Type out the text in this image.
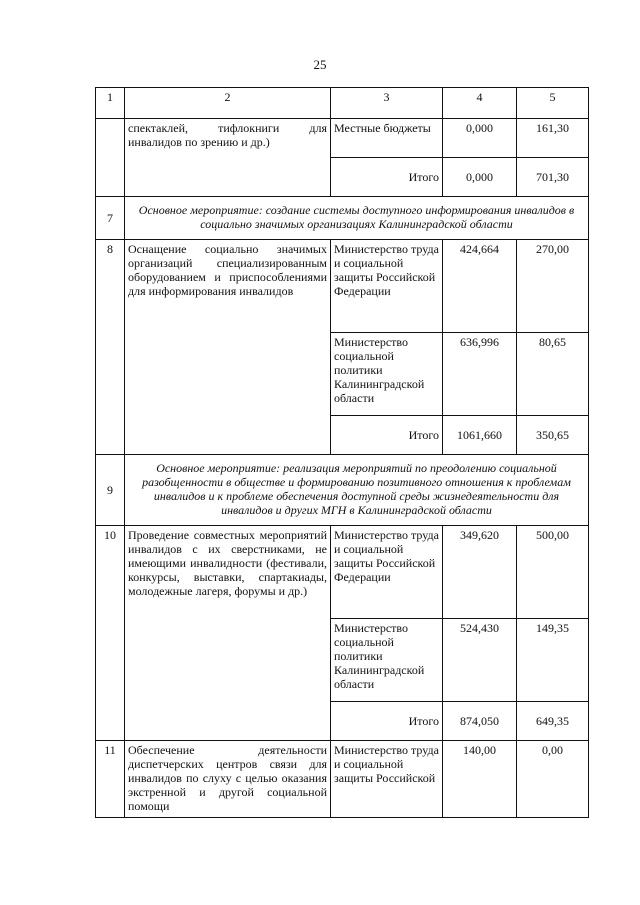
25
1	2	3	4	5
	спектаклей, тифлокниги для инвалидов по зрению и др.)	Местные бюджеты	0,000	161,30
		Итого	0,000	701,30
7	Основное мероприятие: создание системы доступного информирования инвалидов в социально значимых организациях Калининградской области			
8	Оснащение социально значимых организаций специализированным оборудованием и приспособлениями для информирования инвалидов	Министерство труда и социальной защиты Российской Федерации	424,664	270,00
		Министерство социальной политики Калининградской области	636,996	80,65
		Итого	1061,660	350,65
9	Основное мероприятие: реализация мероприятий по преодолению социальной разобщенности в обществе и формированию позитивного отношения к проблемам инвалидов и к проблеме обеспечения доступной среды жизнедеятельности для инвалидов и других МГН в Калининградской области			
10	Проведение совместных мероприятий инвалидов с их сверстниками, не имеющими инвалидности (фестивали, конкурсы, выставки, спартакиады, молодежные лагеря, форумы и др.)	Министерство труда и социальной защиты Российской Федерации	349,620	500,00
		Министерство социальной политики Калининградской области	524,430	149,35
		Итого	874,050	649,35
11	Обеспечение деятельности диспетчерских центров связи для инвалидов по слуху с целью оказания экстренной и другой социальной помощи	Министерство труда и социальной защиты Российской	140,00	0,00
